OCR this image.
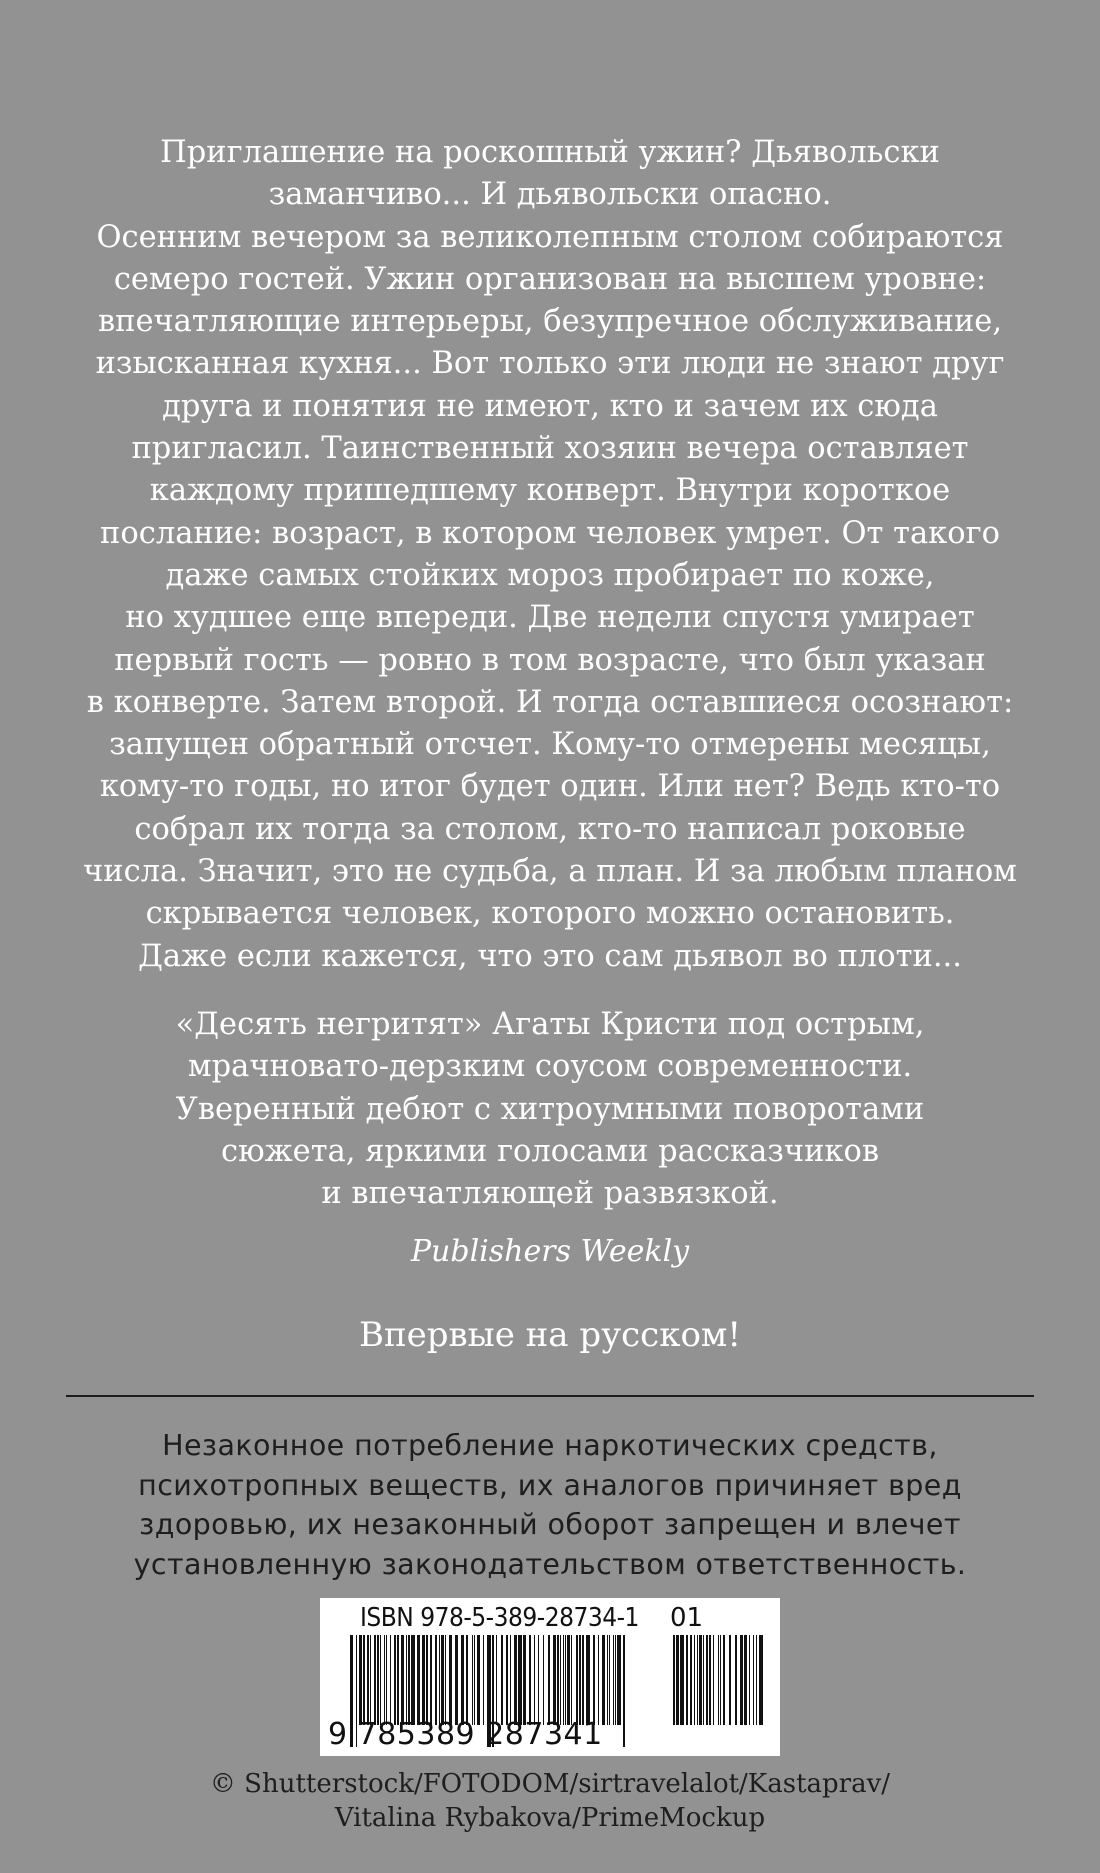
Приглашение на роскошный ужин? Дьявольски
заманчиво... И дьявольски опасно.
Осенним вечером за великолепным столом собираются
семеро гостей. Ужин организован на высшем уровне:
впечатляющие интерьеры, безупречное обслуживание,
изысканная кухня... Вот только эти люди не знают друг
друга и понятия не имеют, кто и зачем их сюда
пригласил. Таинственный хозяин вечера оставляет
каждому пришедшему конверт. Внутри короткое
послание: возраст, в котором человек умрет. От такого
даже самых стойких мороз пробирает по коже,
но худшее еще впереди. Две недели спустя умирает
первый гость — ровно в том возрасте, что был указан
в конверте. Затем второй. И тогда оставшиеся осознают:
запущен обратный отсчет. Кому-то отмерены месяцы,
кому-то годы, но итог будет один. Или нет? Ведь кто-то
собрал их тогда за столом, кто-то написал роковые
числа. Значит, это не судьба, а план. И за любым планом
скрывается человек, которого можно остановить.
Даже если кажется, что это сам дьявол во плоти...
«Десять негритят» Агаты Кристи под острым,
мрачновато-дерзким соусом современности.
Уверенный дебют с хитроумными поворотами
сюжета, яркими голосами рассказчиков
и впечатляющей развязкой.
Publishers Weekly
Впервые на русском!
Незаконное потребление наркотических средств,
психотропных веществ, их аналогов причиняет вред
здоровью, их незаконный оборот запрещен и влечет
установленную законодательством ответственность.
ISBN 978-5-389-28734-1 01
9 785389 287341
© Shutterstock/FOTODOM/sirtravelalot/Kastaprav/
Vitalina Rybakova/PrimeMockup
